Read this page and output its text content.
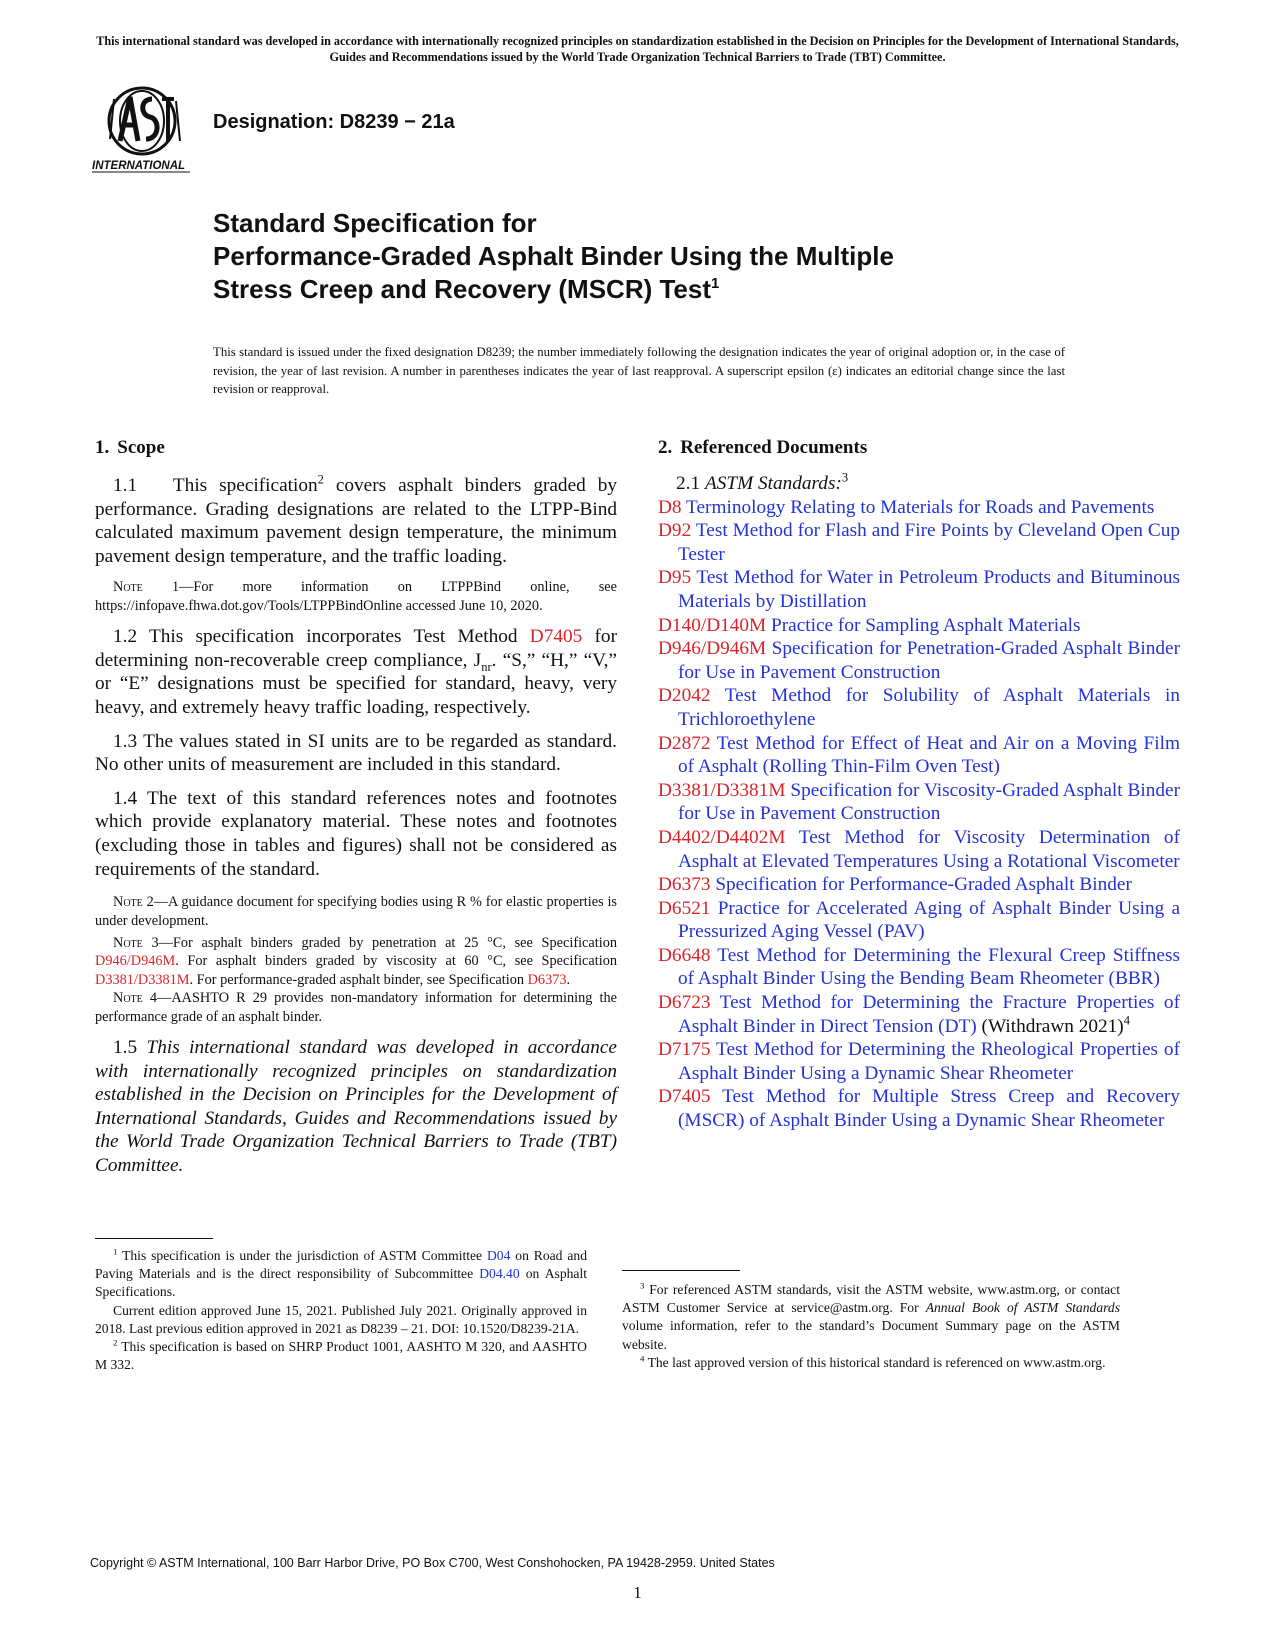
This international standard was developed in accordance with internationally recognized principles on standardization established in the Decision on Principles for the Development of International Standards, Guides and Recommendations issued by the World Trade Organization Technical Barriers to Trade (TBT) Committee.
INTERNATIONAL
Designation: D8239 − 21a
Standard Specification for
Performance-Graded Asphalt Binder Using the Multiple
Stress Creep and Recovery (MSCR) Test$^1$
This standard is issued under the fixed designation D8239; the number immediately following the designation indicates the year of original adoption or, in the case of revision, the year of last revision. A number in parentheses indicates the year of last reapproval. A superscript epsilon (ε) indicates an editorial change since the last revision or reapproval.
1. Scope

1.1 This specification$^2$ covers asphalt binders graded by performance. Grading designations are related to the LTPP-Bind calculated maximum pavement design temperature, the minimum pavement design temperature, and the traffic loading.

Note 1—For more information on LTPPBind online, see https://infopave.fhwa.dot.gov/Tools/LTPPBindOnline accessed June 10, 2020.

1.2 This specification incorporates Test Method D7405 for determining non-recoverable creep compliance, $J_{nr}$. “S,” “H,” “V,” or “E” designations must be specified for standard, heavy, very heavy, and extremely heavy traffic loading, respectively.

1.3 The values stated in SI units are to be regarded as standard. No other units of measurement are included in this standard.

1.4 The text of this standard references notes and footnotes which provide explanatory material. These notes and footnotes (excluding those in tables and figures) shall not be considered as requirements of the standard.

Note 2—A guidance document for specifying bodies using R % for elastic properties is under development.

Note 3—For asphalt binders graded by penetration at 25 °C, see Specification D946/D946M. For asphalt binders graded by viscosity at 60 °C, see Specification D3381/D3381M. For performance-graded asphalt binder, see Specification D6373.

Note 4—AASHTO R 29 provides non-mandatory information for determining the performance grade of an asphalt binder.

1.5 This international standard was developed in accordance with internationally recognized principles on standardization established in the Decision on Principles for the Development of International Standards, Guides and Recommendations issued by the World Trade Organization Technical Barriers to Trade (TBT) Committee.

2. Referenced Documents
2.1 ASTM Standards:$^3$
D8 Terminology Relating to Materials for Roads and Pavements
D92 Test Method for Flash and Fire Points by Cleveland Open Cup Tester
D95 Test Method for Water in Petroleum Products and Bituminous Materials by Distillation
D140/D140M Practice for Sampling Asphalt Materials
D946/D946M Specification for Penetration-Graded Asphalt Binder for Use in Pavement Construction
D2042 Test Method for Solubility of Asphalt Materials in Trichloroethylene
D2872 Test Method for Effect of Heat and Air on a Moving Film of Asphalt (Rolling Thin-Film Oven Test)
D3381/D3381M Specification for Viscosity-Graded Asphalt Binder for Use in Pavement Construction
D4402/D4402M Test Method for Viscosity Determination of Asphalt at Elevated Temperatures Using a Rotational Viscometer
D6373 Specification for Performance-Graded Asphalt Binder
D6521 Practice for Accelerated Aging of Asphalt Binder Using a Pressurized Aging Vessel (PAV)
D6648 Test Method for Determining the Flexural Creep Stiffness of Asphalt Binder Using the Bending Beam Rheometer (BBR)
D6723 Test Method for Determining the Fracture Properties of Asphalt Binder in Direct Tension (DT) (Withdrawn 2021)$^4$
D7175 Test Method for Determining the Rheological Properties of Asphalt Binder Using a Dynamic Shear Rheometer
D7405 Test Method for Multiple Stress Creep and Recovery (MSCR) of Asphalt Binder Using a Dynamic Shear Rheometer

$^1$ This specification is under the jurisdiction of ASTM Committee D04 on Road and Paving Materials and is the direct responsibility of Subcommittee D04.40 on Asphalt Specifications.

Current edition approved June 15, 2021. Published July 2021. Originally approved in 2018. Last previous edition approved in 2021 as D8239 – 21. DOI: 10.1520/D8239-21A.

$^2$ This specification is based on SHRP Product 1001, AASHTO M 320, and AASHTO M 332.

$^3$ For referenced ASTM standards, visit the ASTM website, www.astm.org, or contact ASTM Customer Service at service@astm.org. For Annual Book of ASTM Standards volume information, refer to the standard’s Document Summary page on the ASTM website.

$^4$ The last approved version of this historical standard is referenced on www.astm.org.

Copyright © ASTM International, 100 Barr Harbor Drive, PO Box C700, West Conshohocken, PA 19428-2959. United States
1
